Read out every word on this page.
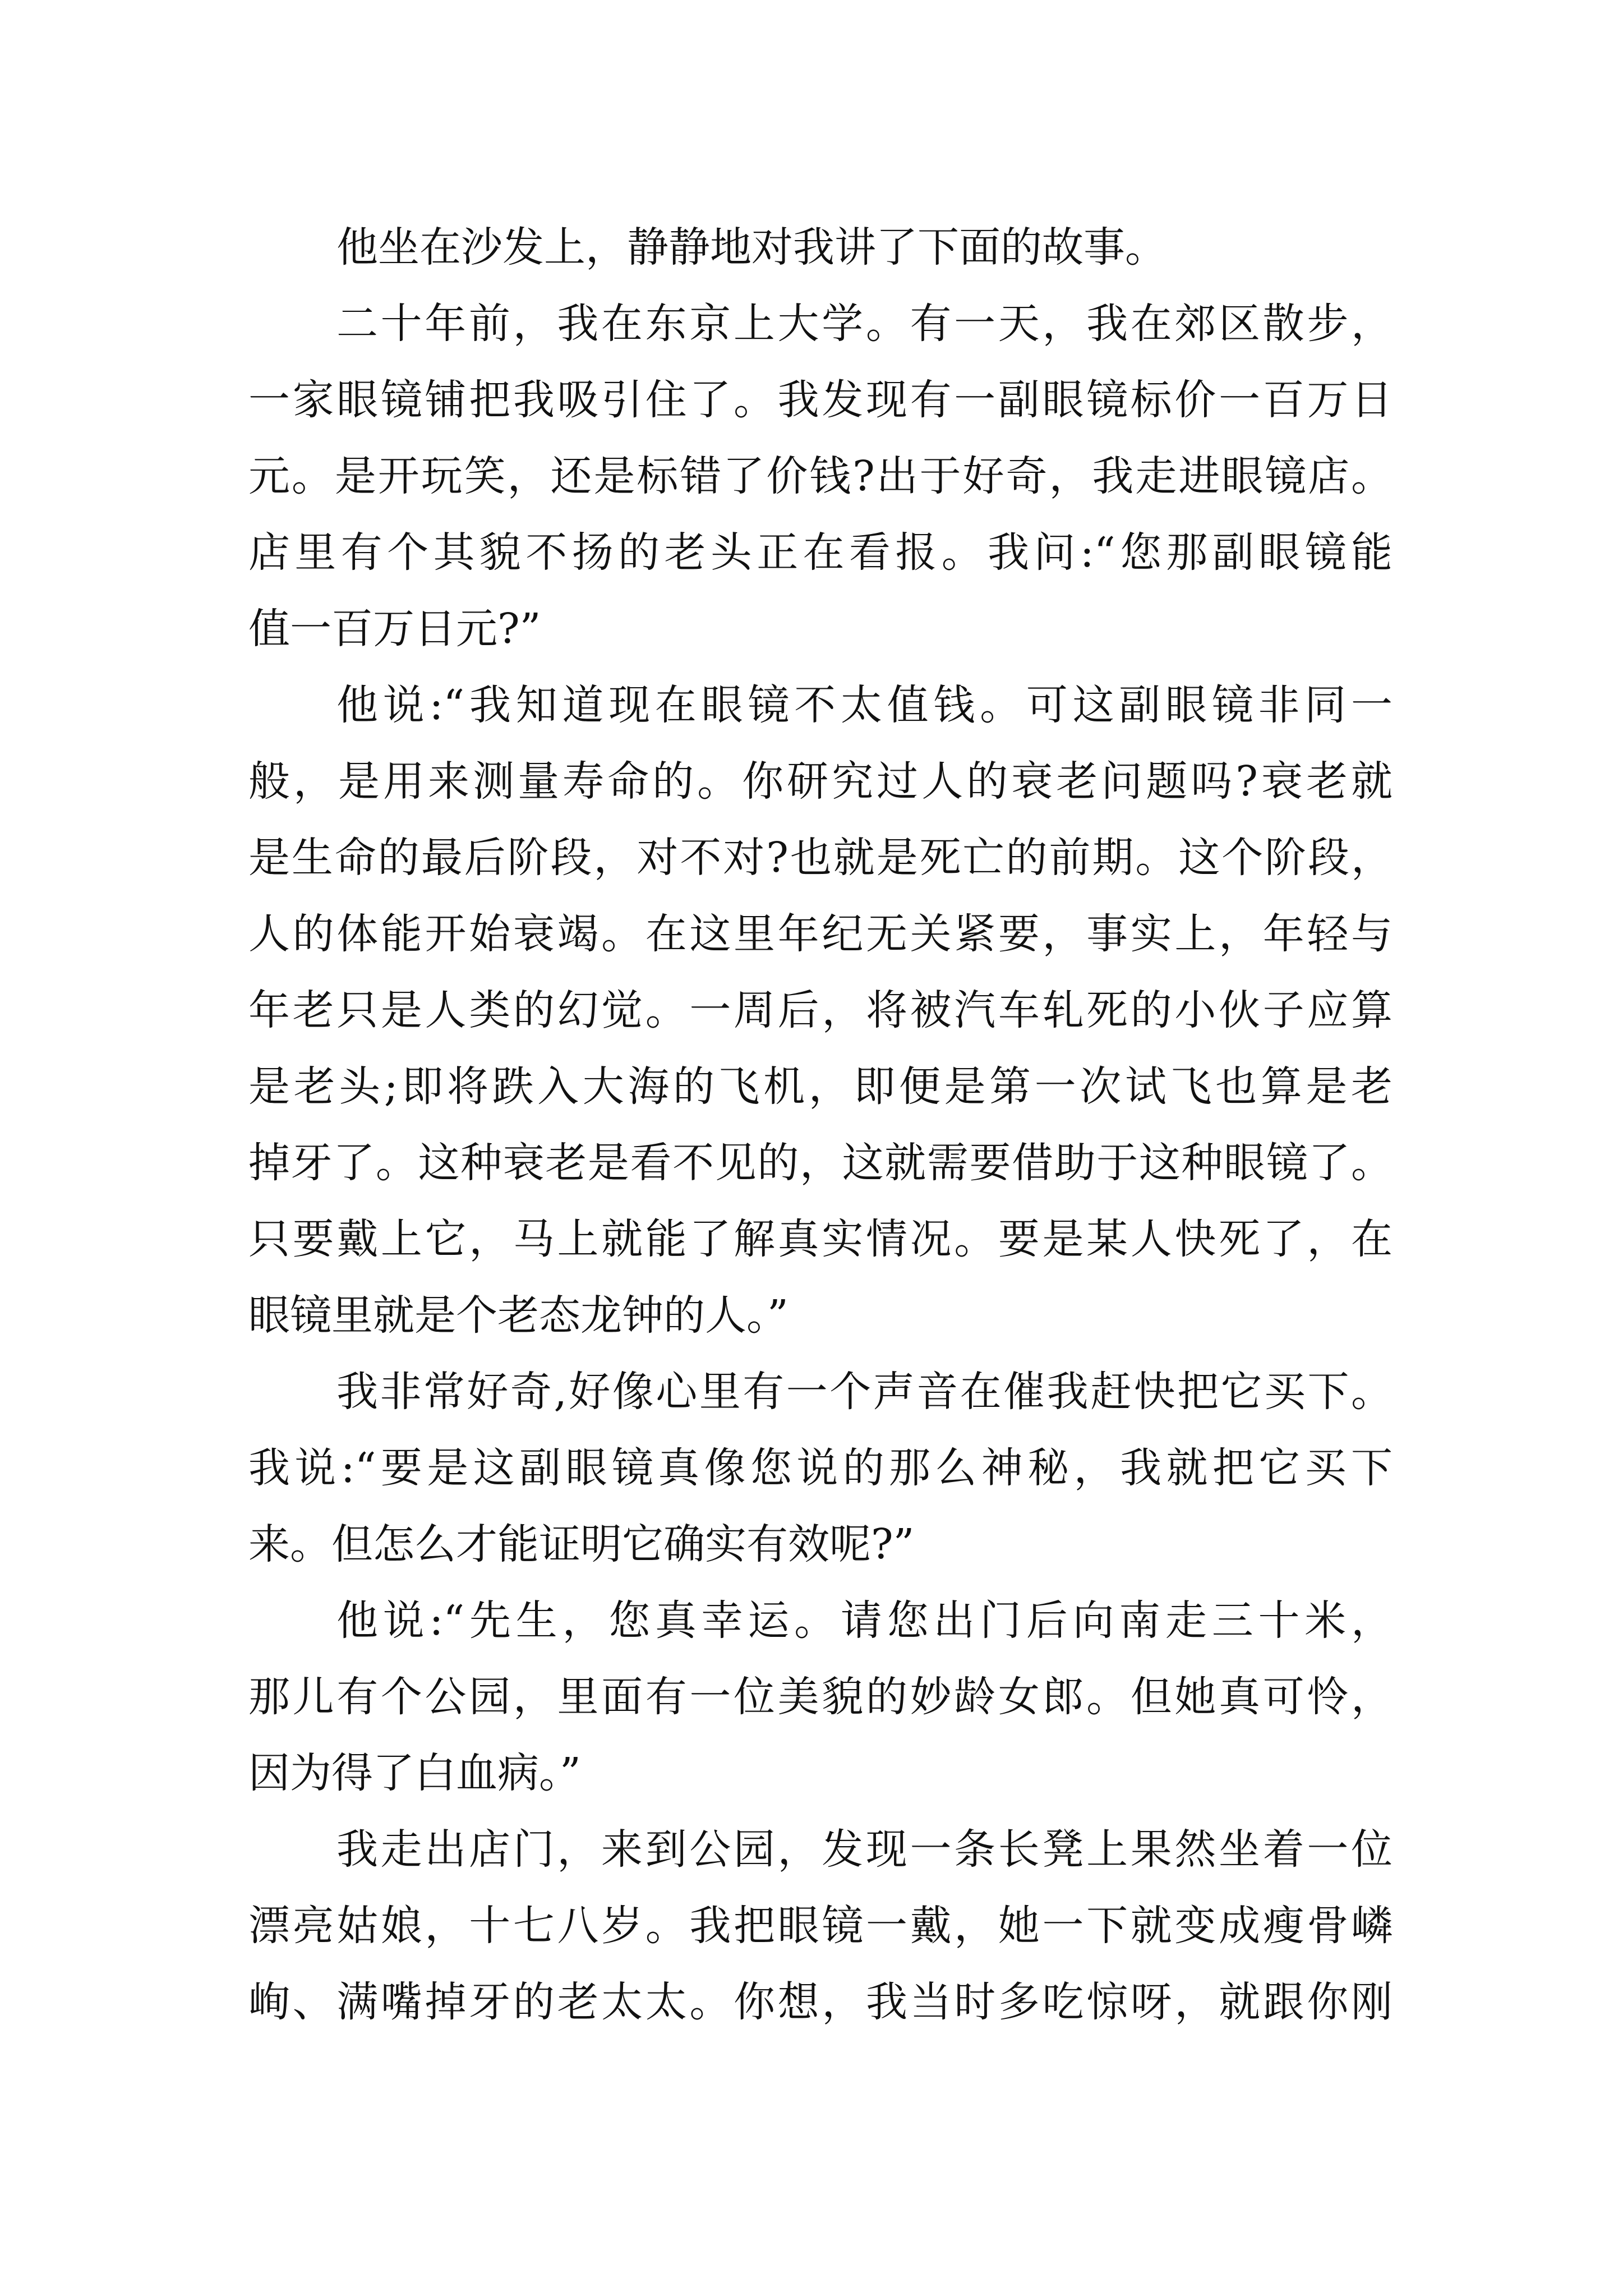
他坐在沙发上，静静地对我讲了下面的故事。
二十年前，我在东京上大学。有一天，我在郊区散步，
一家眼镜铺把我吸引住了。我发现有一副眼镜标价一百万日
元。是开玩笑，还是标错了价钱?出于好奇，我走进眼镜店。
店里有个其貌不扬的老头正在看报。我问:“您那副眼镜能
值一百万日元?”
他说:“我知道现在眼镜不太值钱。可这副眼镜非同一
般，是用来测量寿命的。你研究过人的衰老问题吗?衰老就
是生命的最后阶段，对不对?也就是死亡的前期。这个阶段，
人的体能开始衰竭。在这里年纪无关紧要，事实上，年轻与
年老只是人类的幻觉。一周后，将被汽车轧死的小伙子应算
是老头;即将跌入大海的飞机，即便是第一次试飞也算是老
掉牙了。这种衰老是看不见的，这就需要借助于这种眼镜了。
只要戴上它，马上就能了解真实情况。要是某人快死了，在
眼镜里就是个老态龙钟的人。”
我非常好奇,好像心里有一个声音在催我赶快把它买下。
我说:“要是这副眼镜真像您说的那么神秘，我就把它买下
来。但怎么才能证明它确实有效呢?”
他说:“先生，您真幸运。请您出门后向南走三十米，
那儿有个公园，里面有一位美貌的妙龄女郎。但她真可怜，
因为得了白血病。”
我走出店门，来到公园，发现一条长凳上果然坐着一位
漂亮姑娘，十七八岁。我把眼镜一戴，她一下就变成瘦骨嶙
峋、满嘴掉牙的老太太。你想，我当时多吃惊呀，就跟你刚
